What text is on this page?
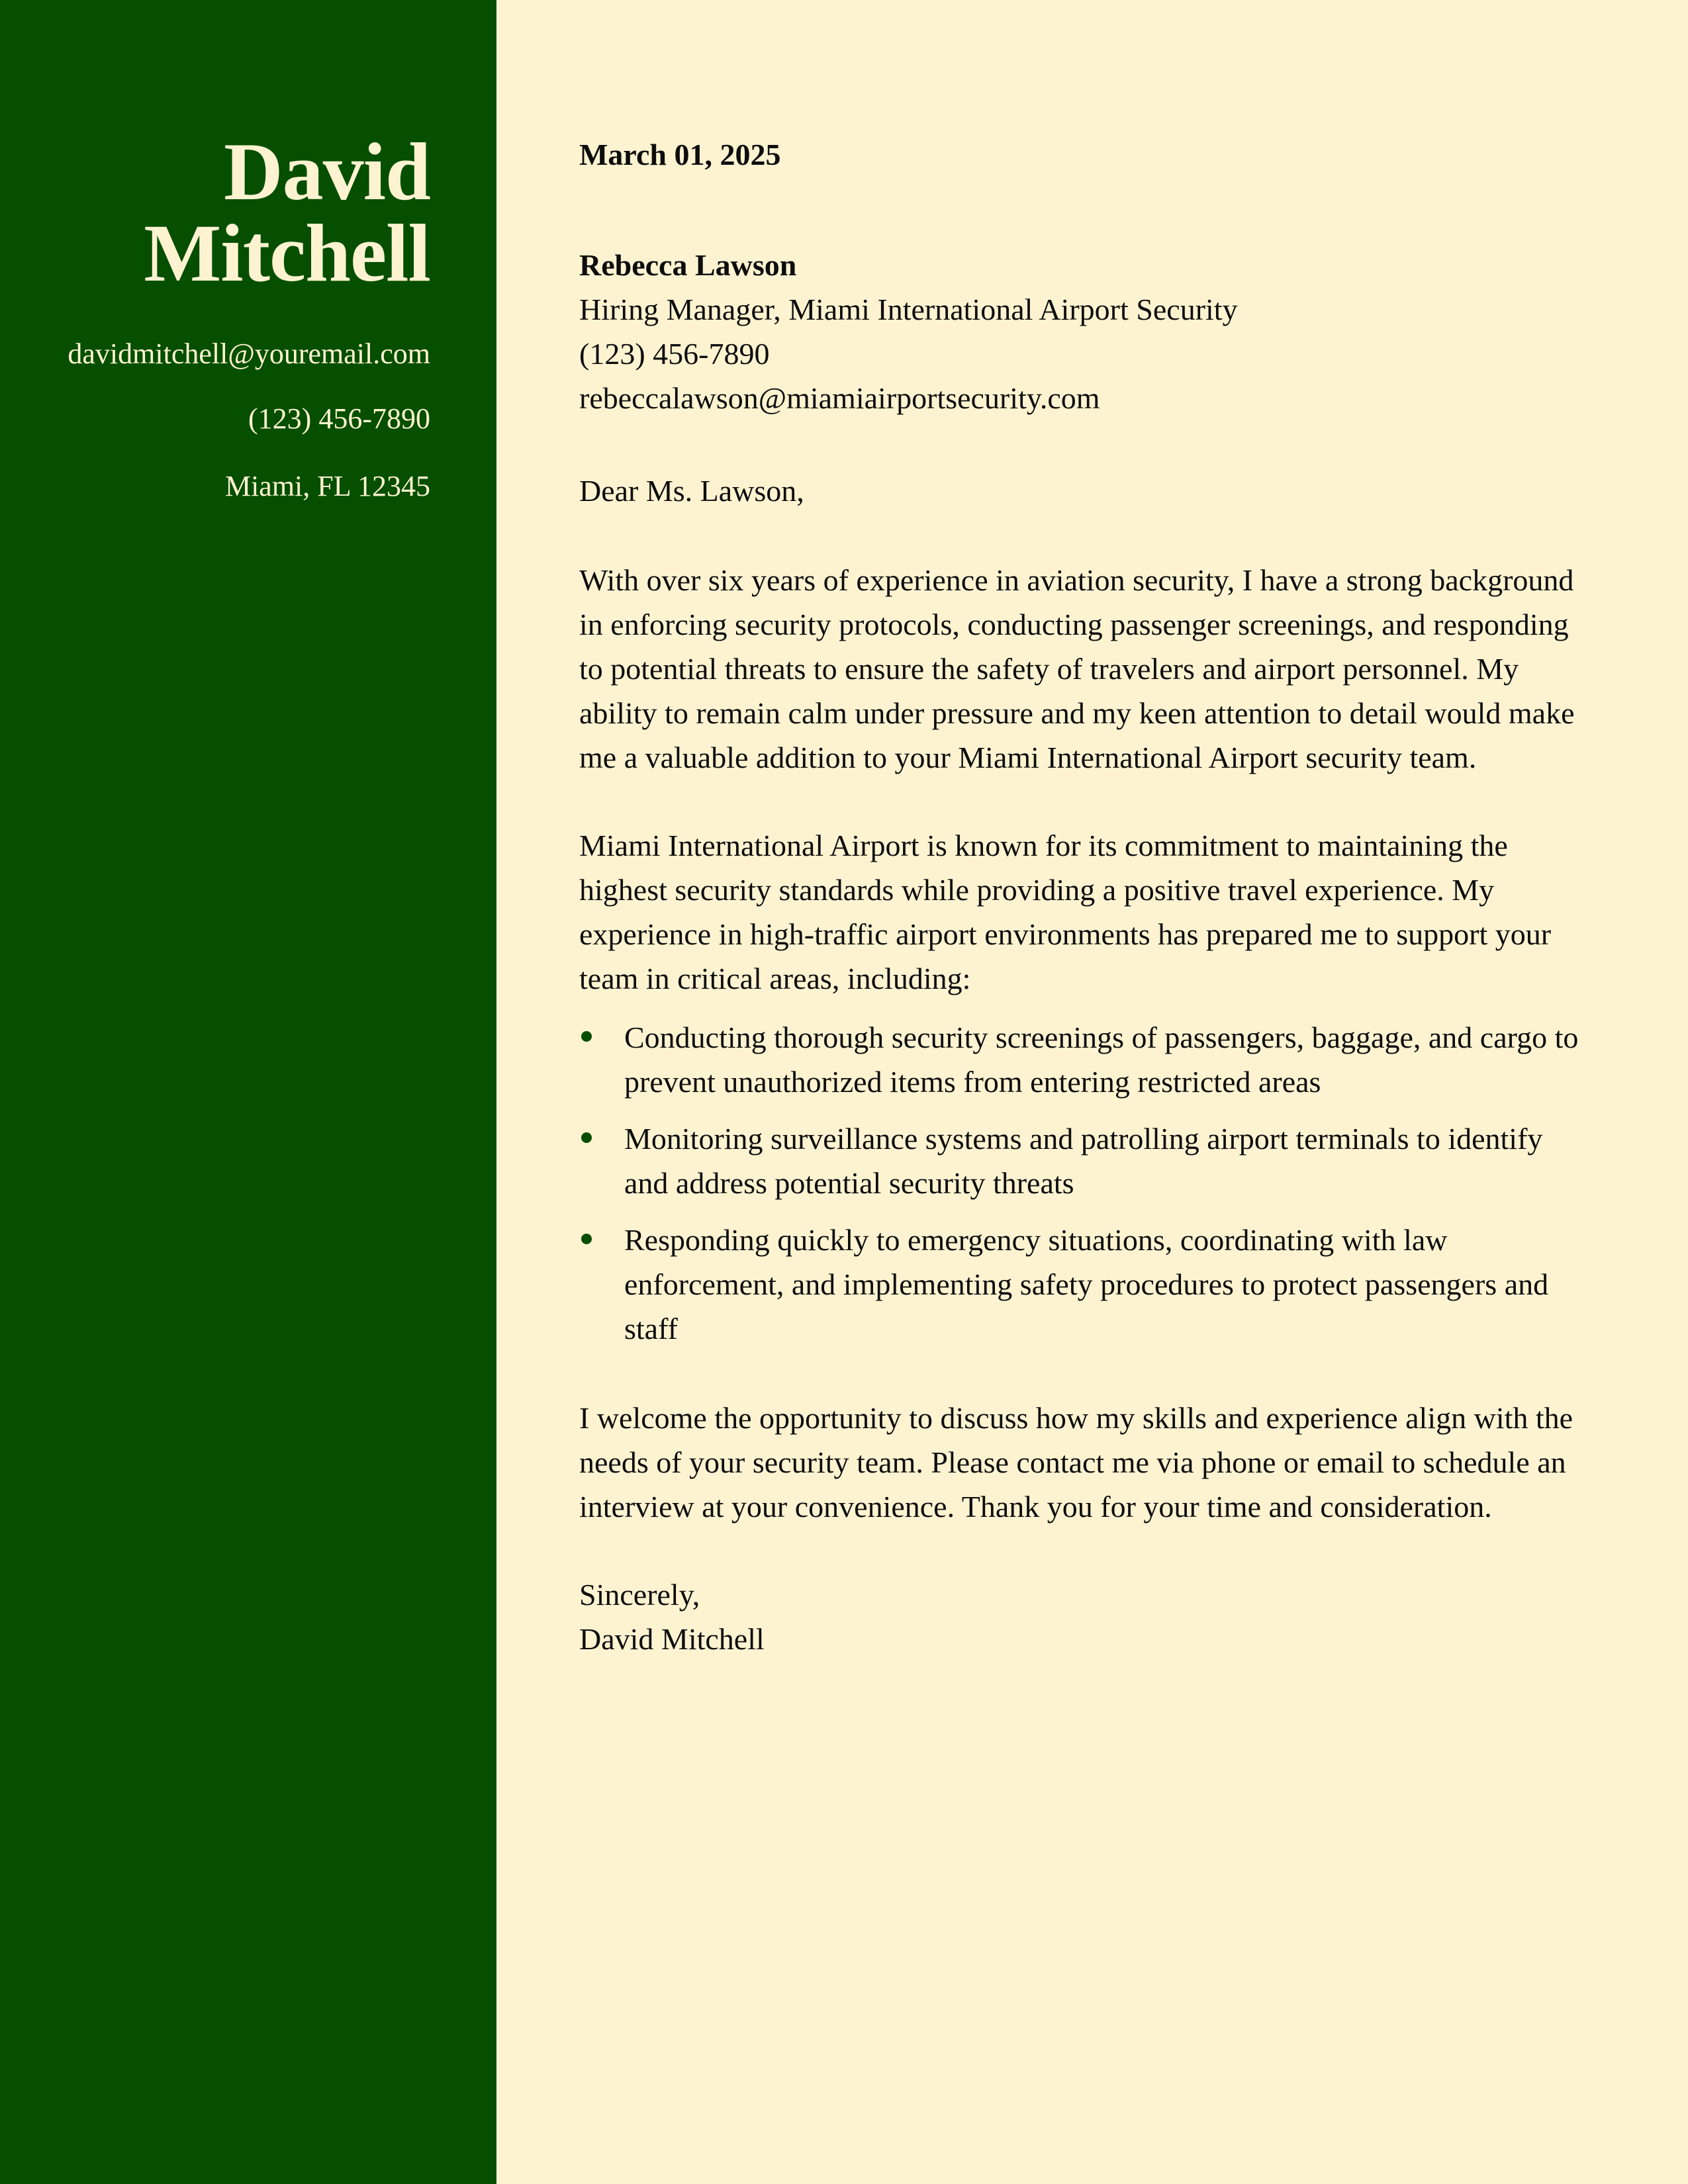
David
Mitchell
davidmitchell@youremail.com
(123) 456-7890
Miami, FL 12345

March 01, 2025

Rebecca Lawson
Hiring Manager, Miami International Airport Security
(123) 456-7890
rebeccalawson@miamiairportsecurity.com
Dear Ms. Lawson,

With over six years of experience in aviation security, I have a strong background in enforcing security protocols, conducting passenger screenings, and responding to potential threats to ensure the safety of travelers and airport personnel. My ability to remain calm under pressure and my keen attention to detail would make me a valuable addition to your Miami International Airport security team.

Miami International Airport is known for its commitment to maintaining the highest security standards while providing a positive travel experience. My experience in high-traffic airport environments has prepared me to support your team in critical areas, including:

Conducting thorough security screenings of passengers, baggage, and cargo to prevent unauthorized items from entering restricted areas
Monitoring surveillance systems and patrolling airport terminals to identify and address potential security threats
Responding quickly to emergency situations, coordinating with law enforcement, and implementing safety procedures to protect passengers and staff

I welcome the opportunity to discuss how my skills and experience align with the needs of your security team. Please contact me via phone or email to schedule an interview at your convenience. Thank you for your time and consideration.

Sincerely,
David Mitchell
